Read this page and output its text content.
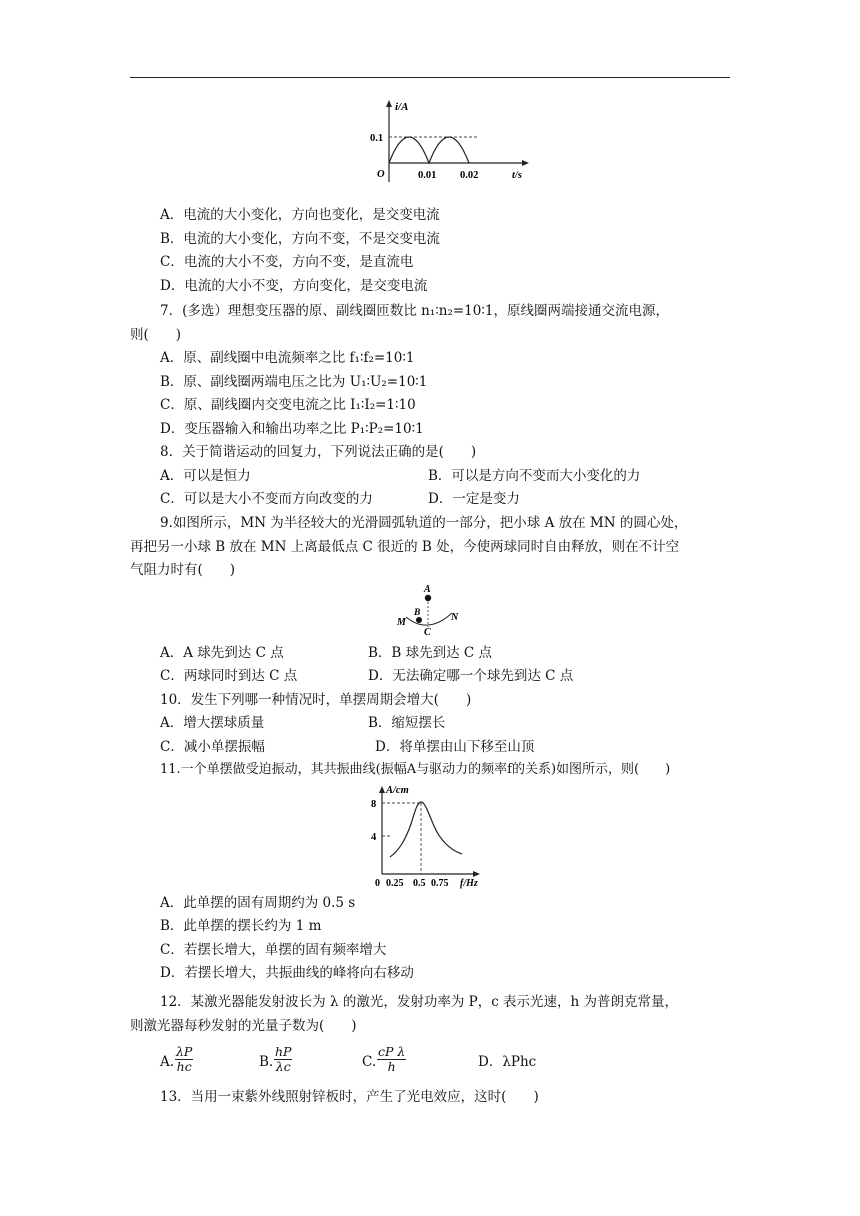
i/A
0.1
O	0.01 0.02	t/s
A．电流的大小变化，方向也变化，是交变电流
B．电流的大小变化，方向不变，不是交变电流
C．电流的大小不变，方向不变，是直流电
D．电流的大小不变，方向变化，是交变电流
7．(多选）理想变压器的原、副线圈匝数比 n₁∶n₂=10∶1，原线圈两端接通交流电源，
则(　　)
A．原、副线圈中电流频率之比 f₁∶f₂=10∶1
B．原、副线圈两端电压之比为 U₁∶U₂=10∶1
C．原、副线圈内交变电流之比 I₁∶I₂=1∶10
D．变压器输入和输出功率之比 P₁∶P₂=10∶1
8．关于简谐运动的回复力，下列说法正确的是(　　)
A．可以是恒力	B．可以是方向不变而大小变化的力
C．可以是大小不变而方向改变的力	D．一定是变力
9.如图所示，MN 为半径较大的光滑圆弧轨道的一部分，把小球 A 放在 MN 的圆心处，
再把另一小球 B 放在 MN 上离最低点 C 很近的 B 处，今使两球同时自由释放，则在不计空
气阻力时有(　　)
A
B
M	N
C
A．A 球先到达 C 点	B．B 球先到达 C 点
C．两球同时到达 C 点	D．无法确定哪一个球先到达 C 点
10．发生下列哪一种情况时，单摆周期会增大(　　)
A．增大摆球质量	B．缩短摆长
C．减小单摆振幅	D．将单摆由山下移至山顶
11.一个单摆做受迫振动，其共振曲线(振幅A与驱动力的频率f的关系)如图所示，则(　　)
A/cm
8
4
0 0.25 0.5 0.75 f/Hz
A．此单摆的固有周期约为 0.5 s
B．此单摆的摆长约为 1 m
C．若摆长增大，单摆的固有频率增大
D．若摆长增大，共振曲线的峰将向右移动
12．某激光器能发射波长为 λ 的激光，发射功率为 P，c 表示光速，h 为普朗克常量，
则激光器每秒发射的光量子数为(　　)
A. $\frac{\lambda P}{hc}$	B. $\frac{hP}{\lambda c}$	C. $\frac{\text{cP λ}}{h}$	D．λPhc
13．当用一束紫外线照射锌板时，产生了光电效应，这时(　　)
